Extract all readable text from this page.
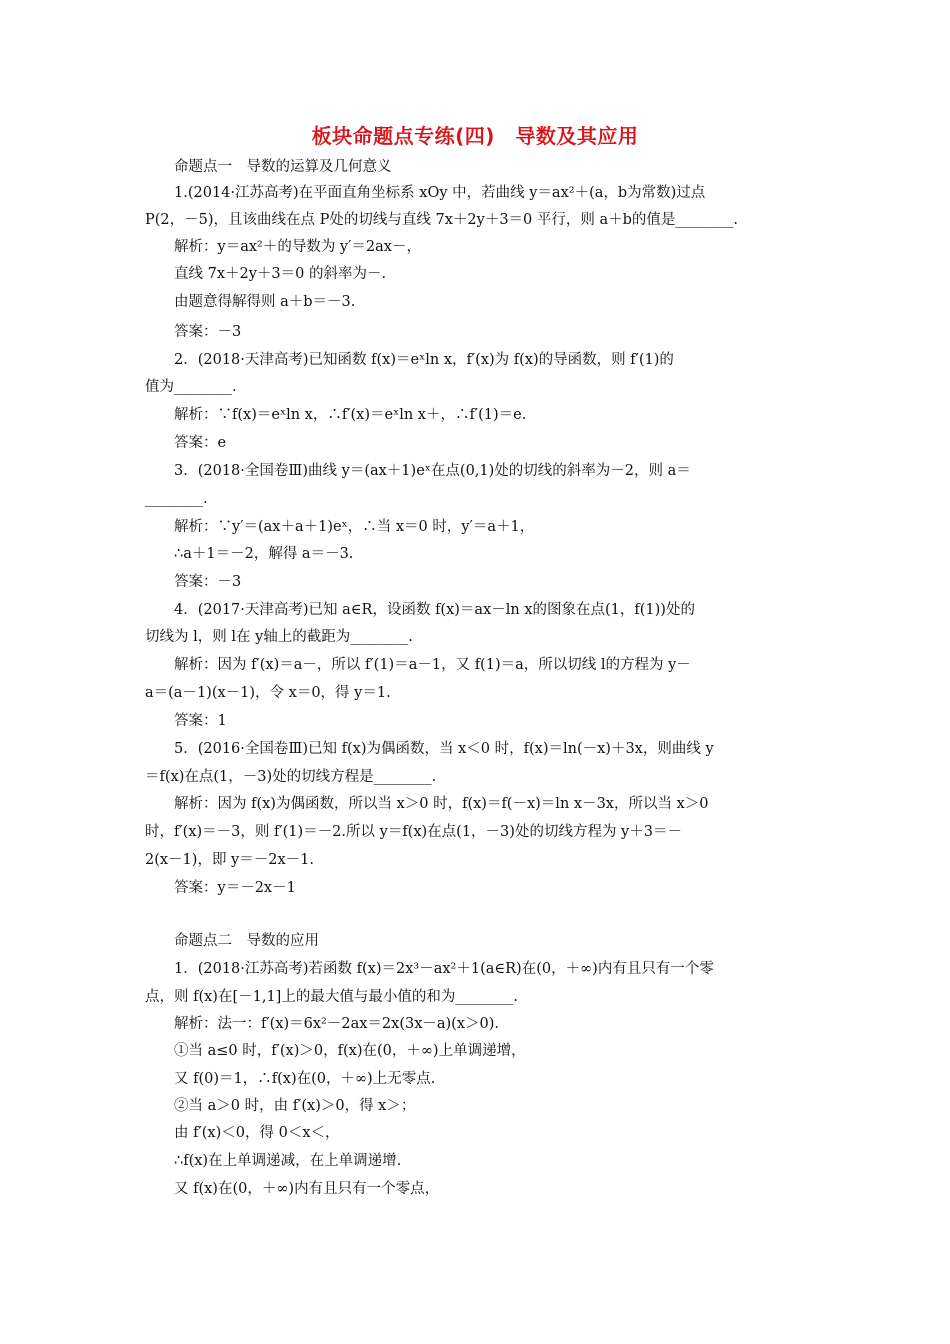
板块命题点专练(四)　导数及其应用
命题点一　导数的运算及几何意义
1.(2014·江苏高考)在平面直角坐标系 xOy 中，若曲线 y＝ax²＋(a，b为常数)过点
P(2，－5)，且该曲线在点 P处的切线与直线 7x＋2y＋3＝0 平行，则 a＋b的值是________.
解析：y＝ax²＋的导数为 y′＝2ax－，
直线 7x＋2y＋3＝0 的斜率为－.
由题意得解得则 a＋b＝－3.
答案：－3
2．(2018·天津高考)已知函数 f(x)＝eˣln x，f′(x)为 f(x)的导函数，则 f′(1)的
值为________.
解析：∵f(x)＝eˣln x，∴f′(x)＝eˣln x＋，∴f′(1)＝e.
答案：e
3．(2018·全国卷Ⅲ)曲线 y＝(ax＋1)eˣ在点(0,1)处的切线的斜率为－2，则 a＝
________.
解析：∵y′＝(ax＋a＋1)eˣ，∴当 x＝0 时，y′＝a＋1，
∴a＋1＝－2，解得 a＝－3.
答案：－3
4．(2017·天津高考)已知 a∈R，设函数 f(x)＝ax－ln x的图象在点(1，f(1))处的
切线为 l，则 l在 y轴上的截距为________.
解析：因为 f′(x)＝a－，所以 f′(1)＝a－1，又 f(1)＝a，所以切线 l的方程为 y－
a＝(a－1)(x－1)，令 x＝0，得 y＝1.
答案：1
5．(2016·全国卷Ⅲ)已知 f(x)为偶函数，当 x＜0 时，f(x)＝ln(－x)＋3x，则曲线 y
＝f(x)在点(1，－3)处的切线方程是________.
解析：因为 f(x)为偶函数，所以当 x＞0 时，f(x)＝f(－x)＝ln x－3x，所以当 x＞0
时，f′(x)＝－3，则 f′(1)＝－2.所以 y＝f(x)在点(1，－3)处的切线方程为 y＋3＝－
2(x－1)，即 y＝－2x－1.
答案：y＝－2x－1
命题点二　导数的应用
1．(2018·江苏高考)若函数 f(x)＝2x³－ax²＋1(a∈R)在(0，＋∞)内有且只有一个零
点，则 f(x)在[－1,1]上的最大值与最小值的和为________.
解析：法一：f′(x)＝6x²－2ax＝2x(3x－a)(x＞0).
①当 a≤0 时，f′(x)＞0，f(x)在(0，＋∞)上单调递增，
又 f(0)＝1，∴f(x)在(0，＋∞)上无零点.
②当 a＞0 时，由 f′(x)＞0，得 x＞；
由 f′(x)＜0，得 0＜x＜，
∴f(x)在上单调递减，在上单调递增.
又 f(x)在(0，＋∞)内有且只有一个零点，
